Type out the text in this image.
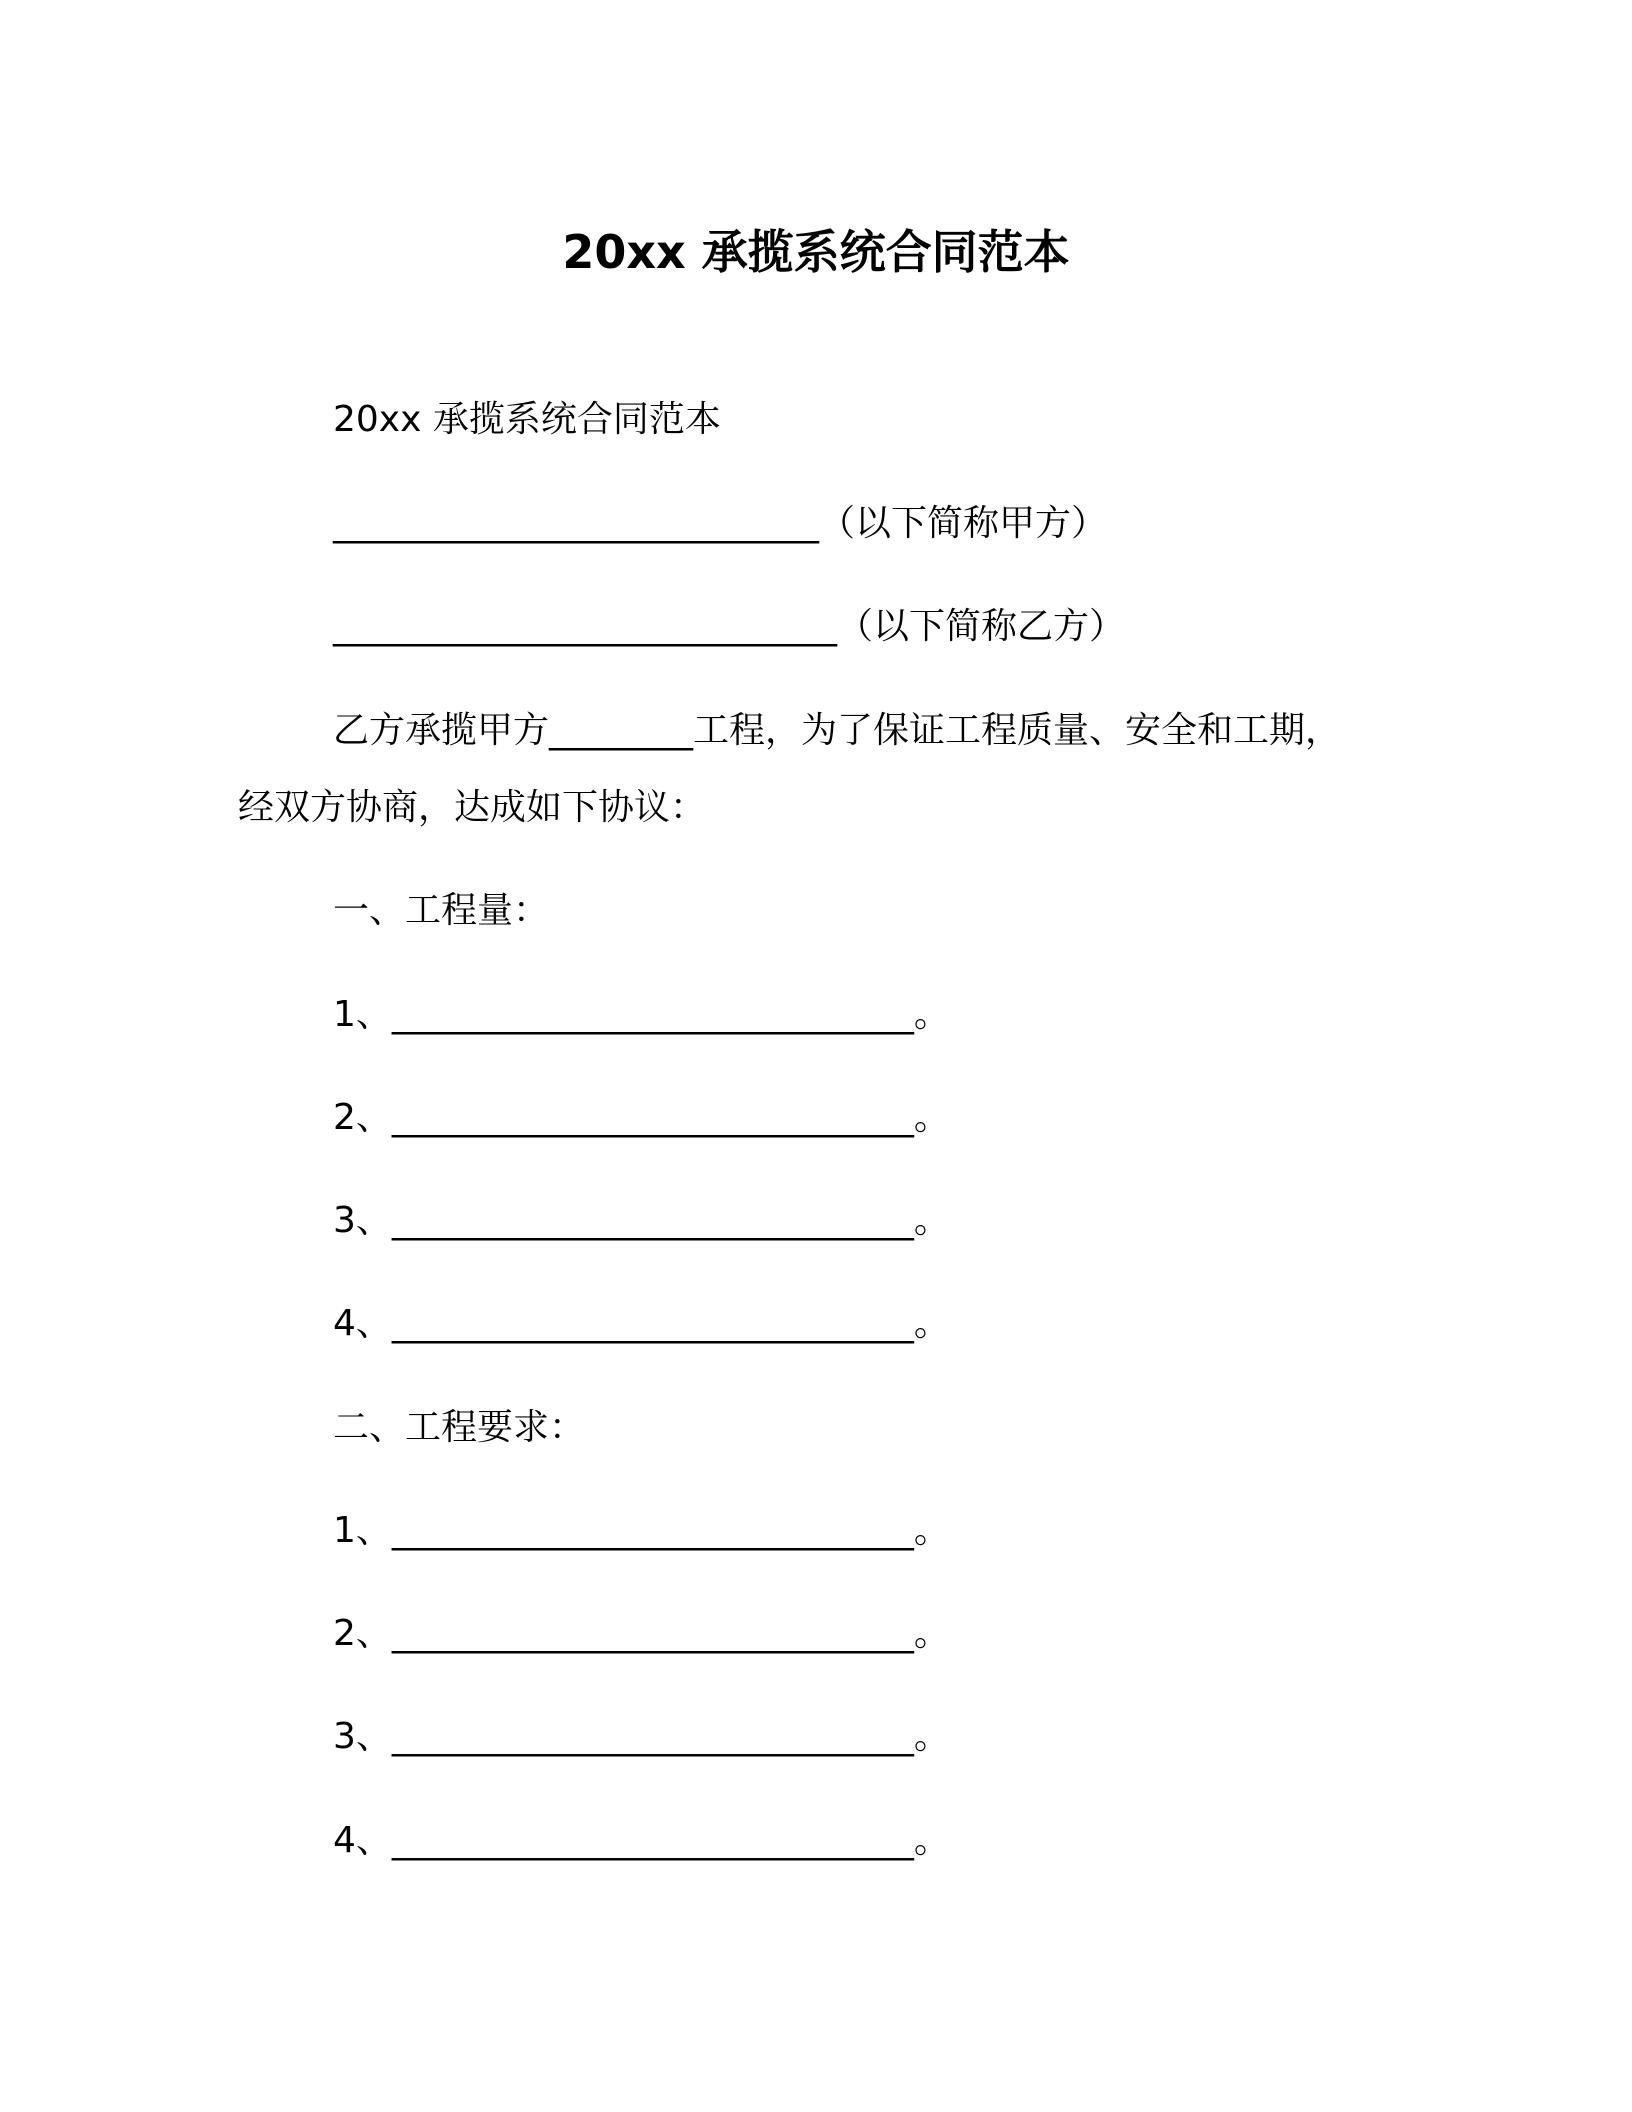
20xx 承揽系统合同范本
20xx 承揽系统合同范本
___________________________（以下简称甲方）
____________________________（以下简称乙方）
乙方承揽甲方________工程，为了保证工程质量、安全和工期，
经双方协商，达成如下协议：
一、工程量：
1、_____________________________。
2、_____________________________。
3、_____________________________。
4、_____________________________。
二、工程要求：
1、_____________________________。
2、_____________________________。
3、_____________________________。
4、_____________________________。
